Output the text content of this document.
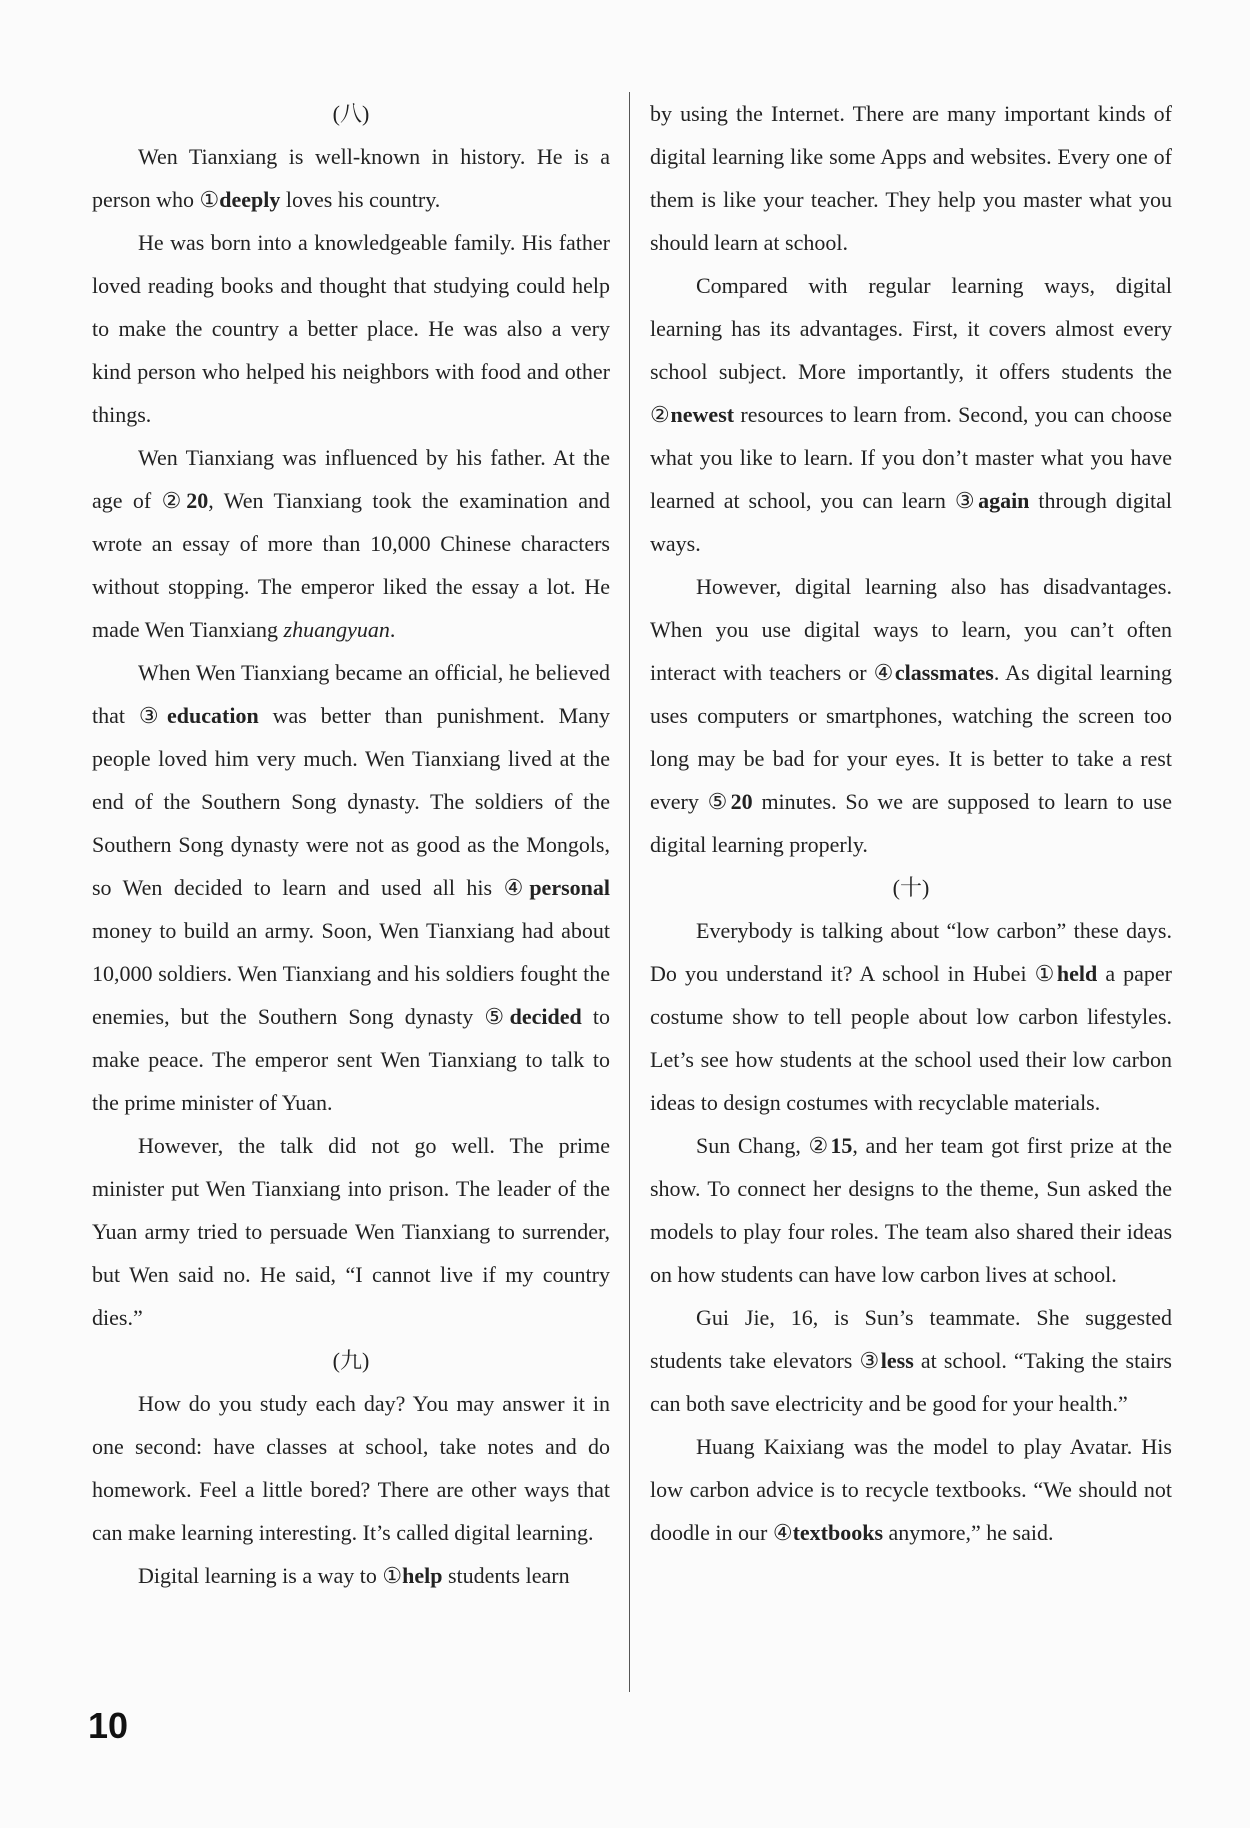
(八)

Wen Tianxiang is well-known in history. He is a person who ①deeply loves his country.

He was born into a knowledgeable family. His father loved reading books and thought that studying could help to make the country a better place. He was also a very kind person who helped his neighbors with food and other things.

Wen Tianxiang was influenced by his father. At the age of ②20, Wen Tianxiang took the examination and wrote an essay of more than 10,000 Chinese characters without stopping. The emperor liked the essay a lot. He made Wen Tianxiang zhuangyuan.

When Wen Tianxiang became an official, he believed that ③education was better than punishment. Many people loved him very much. Wen Tianxiang lived at the end of the Southern Song dynasty. The soldiers of the Southern Song dynasty were not as good as the Mongols, so Wen decided to learn and used all his ④personal money to build an army. Soon, Wen Tianxiang had about 10,000 soldiers. Wen Tianxiang and his soldiers fought the enemies, but the Southern Song dynasty ⑤decided to make peace. The emperor sent Wen Tianxiang to talk to the prime minister of Yuan.

However, the talk did not go well. The prime minister put Wen Tianxiang into prison. The leader of the Yuan army tried to persuade Wen Tianxiang to surrender, but Wen said no. He said, “I cannot live if my country dies.”

(九)

How do you study each day? You may answer it in one second: have classes at school, take notes and do homework. Feel a little bored? There are other ways that can make learning interesting. It’s called digital learning.

Digital learning is a way to ①help students learn

by using the Internet. There are many important kinds of digital learning like some Apps and websites. Every one of them is like your teacher. They help you master what you should learn at school.

Compared with regular learning ways, digital learning has its advantages. First, it covers almost every school subject. More importantly, it offers students the ②newest resources to learn from. Second, you can choose what you like to learn. If you don’t master what you have learned at school, you can learn ③again through digital ways.

However, digital learning also has disadvantages. When you use digital ways to learn, you can’t often interact with teachers or ④classmates. As digital learning uses computers or smartphones, watching the screen too long may be bad for your eyes. It is better to take a rest every ⑤20 minutes. So we are supposed to learn to use digital learning properly.

(十)

Everybody is talking about “low carbon” these days. Do you understand it? A school in Hubei ①held a paper costume show to tell people about low carbon lifestyles. Let’s see how students at the school used their low carbon ideas to design costumes with recyclable materials.

Sun Chang, ②15, and her team got first prize at the show. To connect her designs to the theme, Sun asked the models to play four roles. The team also shared their ideas on how students can have low carbon lives at school.

Gui Jie, 16, is Sun’s teammate. She suggested students take elevators ③less at school. “Taking the stairs can both save electricity and be good for your health.”

Huang Kaixiang was the model to play Avatar. His low carbon advice is to recycle textbooks. “We should not doodle in our ④textbooks anymore,” he said.

10
